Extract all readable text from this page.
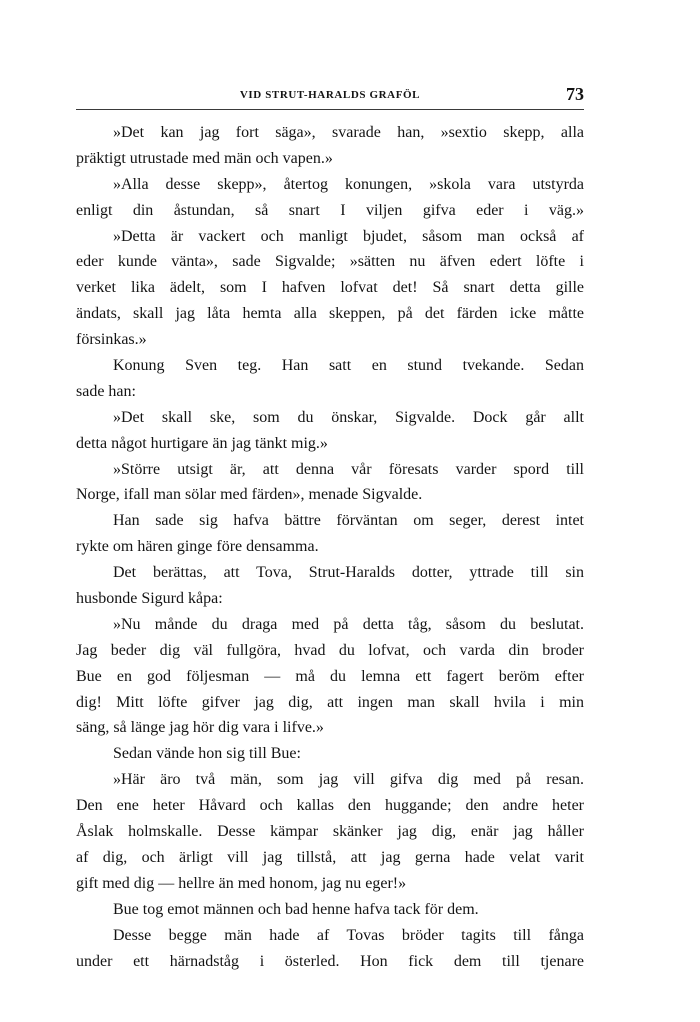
VID STRUT-HARALDS GRAFÖL	73
»Det kan jag fort säga», svarade han, »sextio skepp, alla
präktigt utrustade med män och vapen.»
»Alla desse skepp», återtog konungen, »skola vara utstyrda
enligt din åstundan, så snart I viljen gifva eder i väg.»
»Detta är vackert och manligt bjudet, såsom man också af
eder kunde vänta», sade Sigvalde; »sätten nu äfven edert löfte i
verket lika ädelt, som I hafven lofvat det! Så snart detta gille
ändats, skall jag låta hemta alla skeppen, på det färden icke måtte
försinkas.»
Konung Sven teg. Han satt en stund tvekande. Sedan
sade han:
»Det skall ske, som du önskar, Sigvalde. Dock går allt
detta något hurtigare än jag tänkt mig.»
»Större utsigt är, att denna vår föresats varder spord till
Norge, ifall man sölar med färden», menade Sigvalde.
Han sade sig hafva bättre förväntan om seger, derest intet
rykte om hären ginge före densamma.
Det berättas, att Tova, Strut-Haralds dotter, yttrade till sin
husbonde Sigurd kåpa:
»Nu månde du draga med på detta tåg, såsom du beslutat.
Jag beder dig väl fullgöra, hvad du lofvat, och varda din broder
Bue en god följesman — må du lemna ett fagert beröm efter
dig! Mitt löfte gifver jag dig, att ingen man skall hvila i min
säng, så länge jag hör dig vara i lifve.»
Sedan vände hon sig till Bue:
»Här äro två män, som jag vill gifva dig med på resan.
Den ene heter Håvard och kallas den huggande; den andre heter
Åslak holmskalle. Desse kämpar skänker jag dig, enär jag håller
af dig, och ärligt vill jag tillstå, att jag gerna hade velat varit
gift med dig — hellre än med honom, jag nu eger!»
Bue tog emot männen och bad henne hafva tack för dem.
Desse begge män hade af Tovas bröder tagits till fånga
under ett härnadståg i österled. Hon fick dem till tjenare
